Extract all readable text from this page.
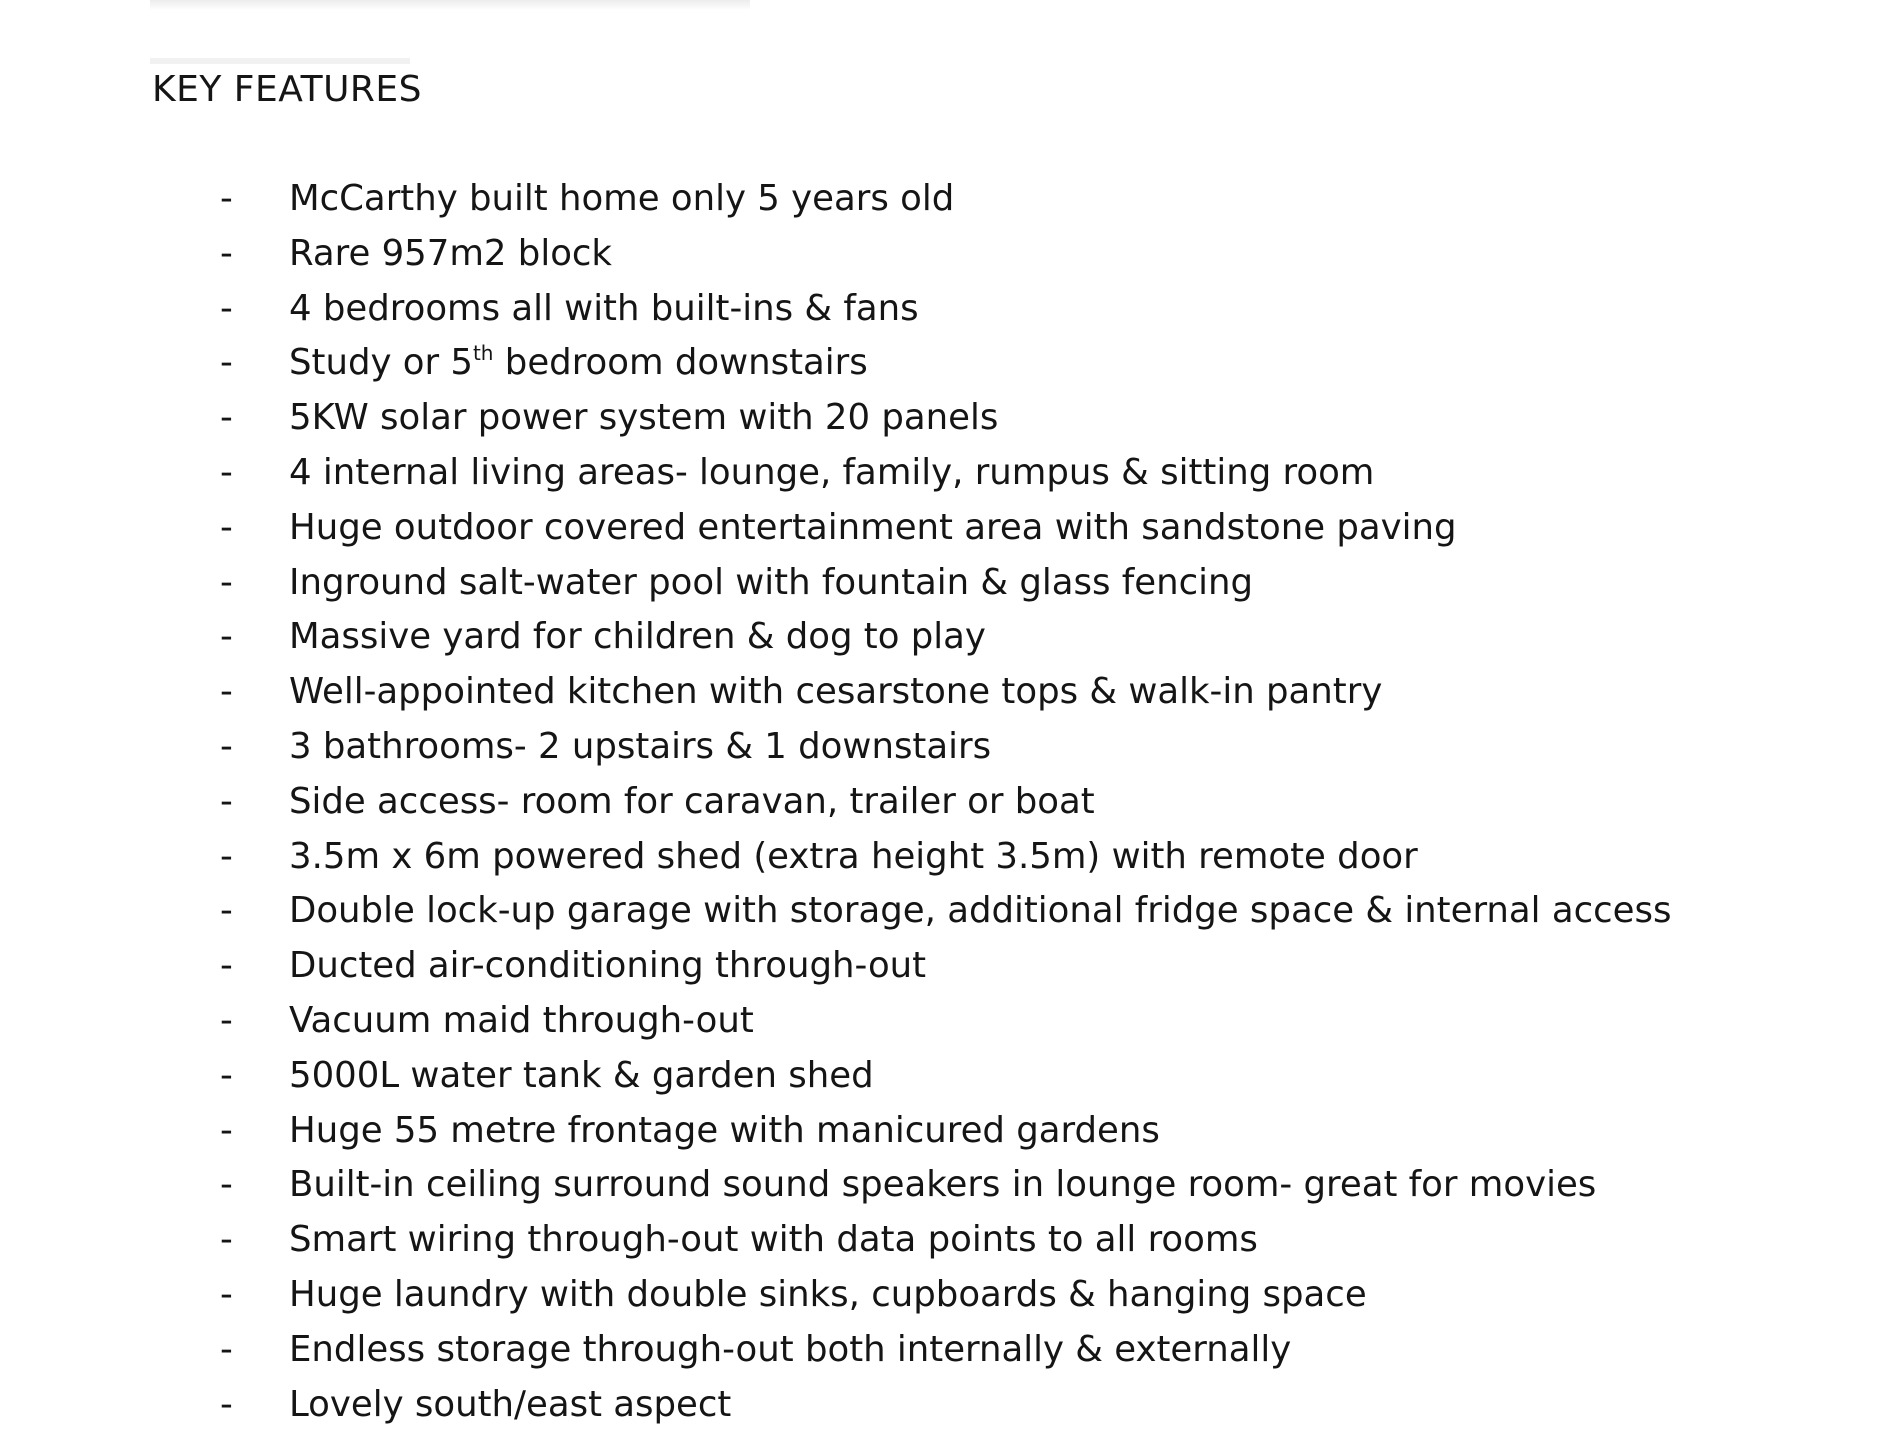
KEY FEATURES
- McCarthy built home only 5 years old
- Rare 957m2 block
- 4 bedrooms all with built-ins & fans
- Study or 5th bedroom downstairs
- 5KW solar power system with 20 panels
- 4 internal living areas- lounge, family, rumpus & sitting room
- Huge outdoor covered entertainment area with sandstone paving
- Inground salt-water pool with fountain & glass fencing
- Massive yard for children & dog to play
- Well-appointed kitchen with cesarstone tops & walk-in pantry
- 3 bathrooms- 2 upstairs & 1 downstairs
- Side access- room for caravan, trailer or boat
- 3.5m x 6m powered shed (extra height 3.5m) with remote door
- Double lock-up garage with storage, additional fridge space & internal access
- Ducted air-conditioning through-out
- Vacuum maid through-out
- 5000L water tank & garden shed
- Huge 55 metre frontage with manicured gardens
- Built-in ceiling surround sound speakers in lounge room- great for movies
- Smart wiring through-out with data points to all rooms
- Huge laundry with double sinks, cupboards & hanging space
- Endless storage through-out both internally & externally
- Lovely south/east aspect
